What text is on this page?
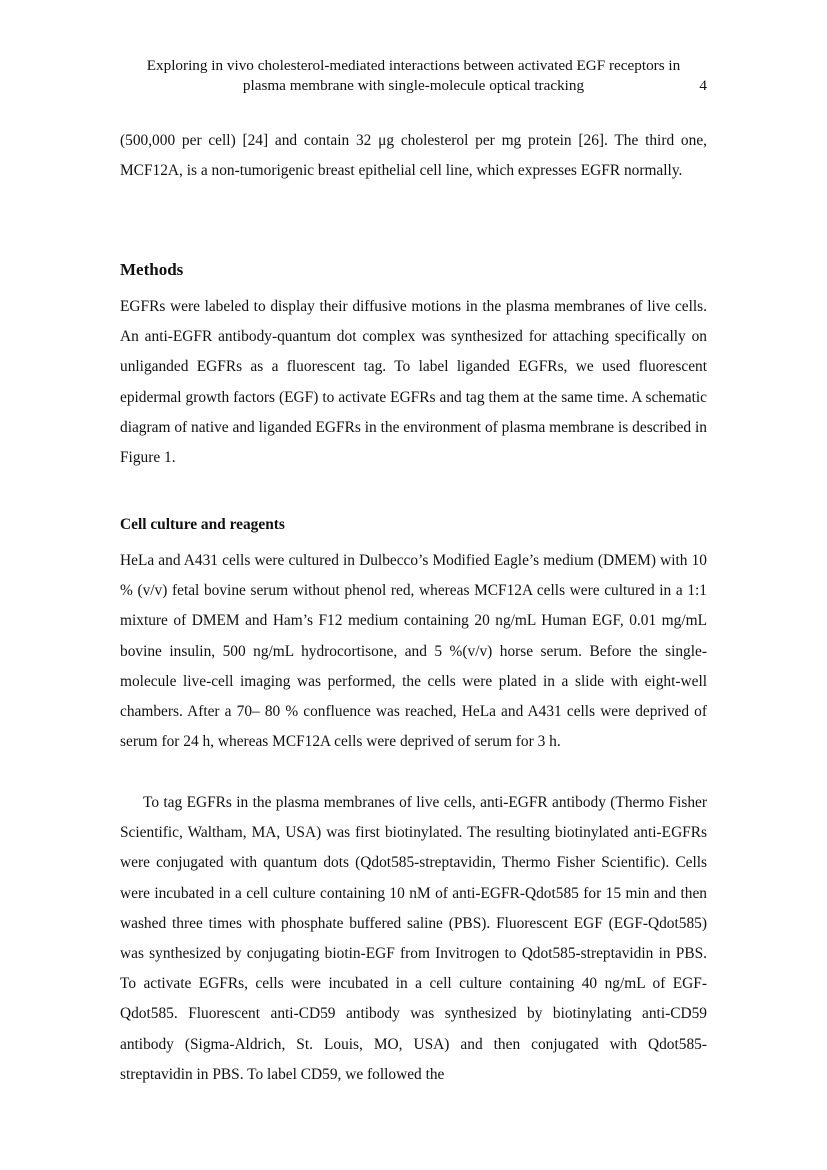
Exploring in vivo cholesterol-mediated interactions between activated EGF receptors in
plasma membrane with single-molecule optical tracking	4

(500,000 per cell) [24] and contain 32 μg cholesterol per mg protein [26]. The third one, MCF12A, is a non-tumorigenic breast epithelial cell line, which expresses EGFR normally.

Methods

EGFRs were labeled to display their diffusive motions in the plasma membranes of live cells. An anti-EGFR antibody-quantum dot complex was synthesized for attaching specifically on unliganded EGFRs as a fluorescent tag. To label liganded EGFRs, we used fluorescent epidermal growth factors (EGF) to activate EGFRs and tag them at the same time. A schematic diagram of native and liganded EGFRs in the environment of plasma membrane is described in Figure 1.

Cell culture and reagents

HeLa and A431 cells were cultured in Dulbecco’s Modified Eagle’s medium (DMEM) with 10 % (v/v) fetal bovine serum without phenol red, whereas MCF12A cells were cultured in a 1:1 mixture of DMEM and Ham’s F12 medium containing 20 ng/mL Human EGF, 0.01 mg/mL bovine insulin, 500 ng/mL hydrocortisone, and 5 %(v/v) horse serum. Before the single-molecule live-cell imaging was performed, the cells were plated in a slide with eight-well chambers. After a 70– 80 % confluence was reached, HeLa and A431 cells were deprived of serum for 24 h, whereas MCF12A cells were deprived of serum for 3 h.

To tag EGFRs in the plasma membranes of live cells, anti-EGFR antibody (Thermo Fisher Scientific, Waltham, MA, USA) was first biotinylated. The resulting biotinylated anti-EGFRs were conjugated with quantum dots (Qdot585-streptavidin, Thermo Fisher Scientific). Cells were incubated in a cell culture containing 10 nM of anti-EGFR-Qdot585 for 15 min and then washed three times with phosphate buffered saline (PBS). Fluorescent EGF (EGF-Qdot585) was synthesized by conjugating biotin-EGF from Invitrogen to Qdot585-streptavidin in PBS. To activate EGFRs, cells were incubated in a cell culture containing 40 ng/mL of EGF-Qdot585. Fluorescent anti-CD59 antibody was synthesized by biotinylating anti-CD59 antibody (Sigma-Aldrich, St. Louis, MO, USA) and then conjugated with Qdot585-streptavidin in PBS. To label CD59, we followed the
